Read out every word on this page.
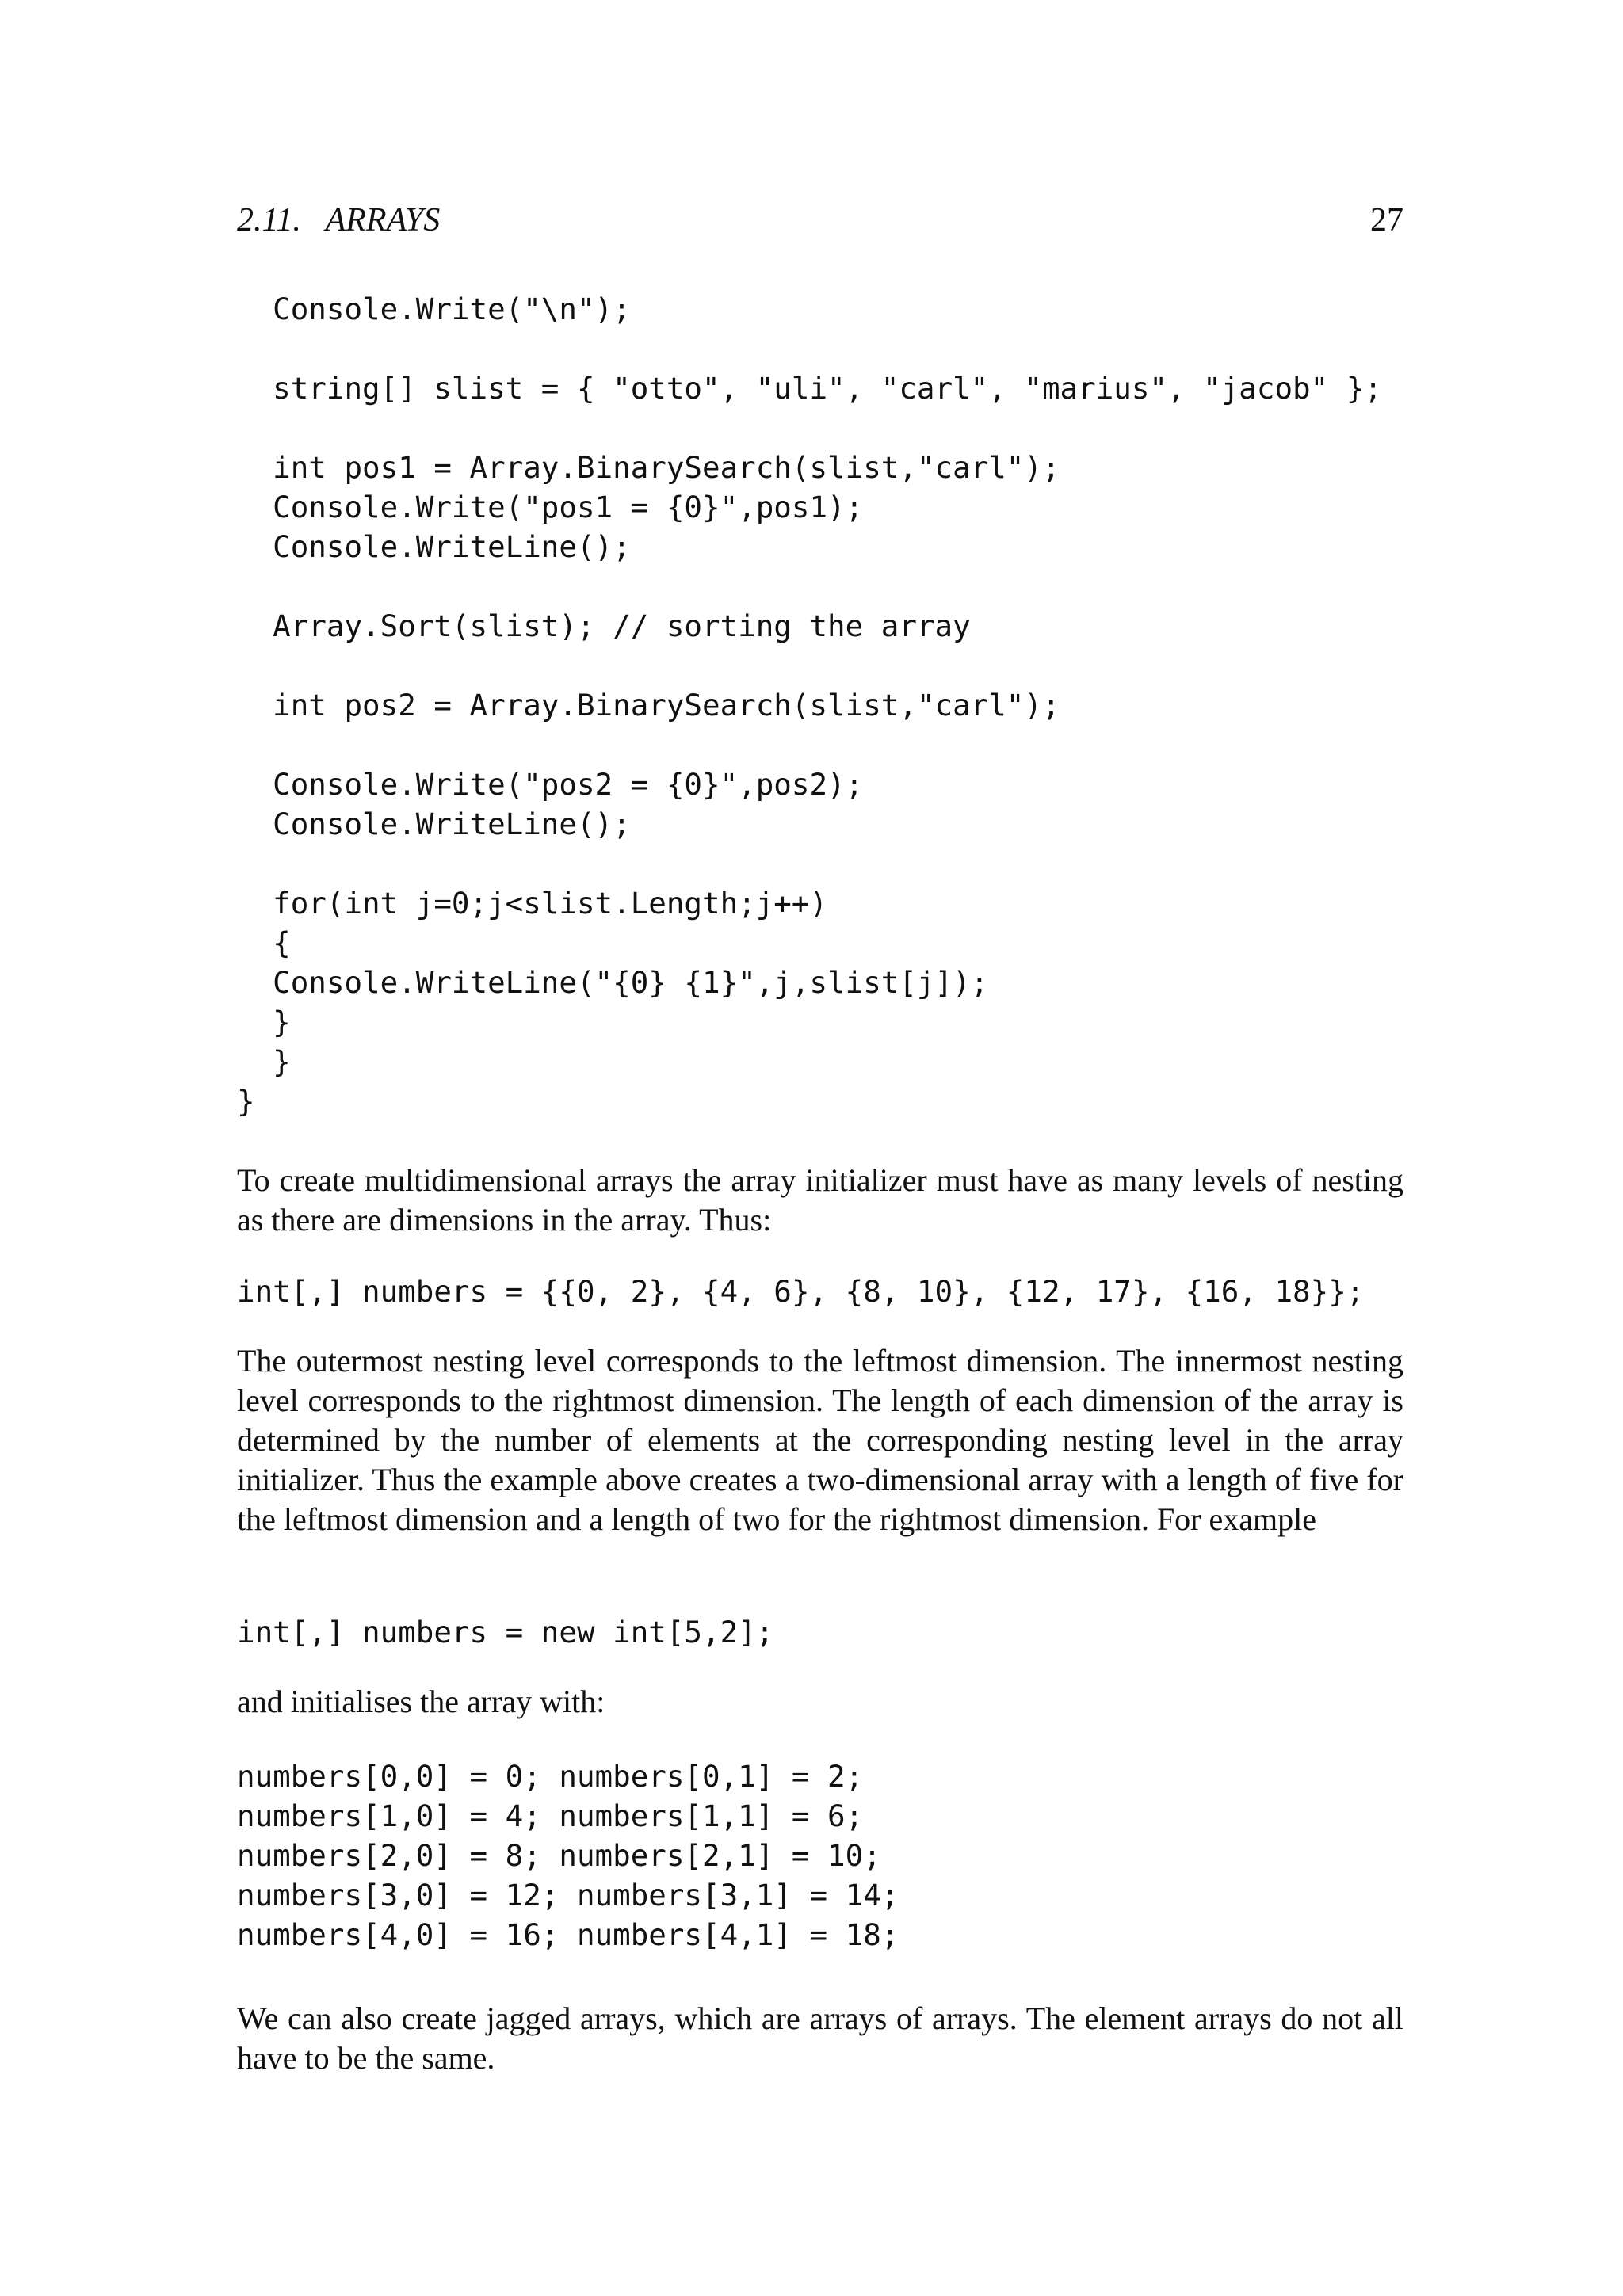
2.11.   ARRAYS	27
Console.Write("\n");
string[] slist = { "otto", "uli", "carl", "marius", "jacob" };
int pos1 = Array.BinarySearch(slist,"carl");
Console.Write("pos1 = {0}",pos1);
Console.WriteLine();
Array.Sort(slist); // sorting the array
int pos2 = Array.BinarySearch(slist,"carl");
Console.Write("pos2 = {0}",pos2);
Console.WriteLine();
for(int j=0;j<slist.Length;j++)
{
Console.WriteLine("{0} {1}",j,slist[j]);
}
}
}

To create multidimensional arrays the array initializer must have as many levels of nesting as there are dimensions in the array. Thus:

int[,] numbers = {{0, 2}, {4, 6}, {8, 10}, {12, 17}, {16, 18}};

The outermost nesting level corresponds to the leftmost dimension. The innermost nesting level corresponds to the rightmost dimension. The length of each dimension of the array is determined by the number of elements at the corresponding nesting level in the array initializer. Thus the example above creates a two-dimensional array with a length of five for the leftmost dimension and a length of two for the rightmost dimension. For example

int[,] numbers = new int[5,2];

and initialises the array with:

numbers[0,0] = 0; numbers[0,1] = 2;
numbers[1,0] = 4; numbers[1,1] = 6;
numbers[2,0] = 8; numbers[2,1] = 10;
numbers[3,0] = 12; numbers[3,1] = 14;
numbers[4,0] = 16; numbers[4,1] = 18;

We can also create jagged arrays, which are arrays of arrays. The element arrays do not all have to be the same.
